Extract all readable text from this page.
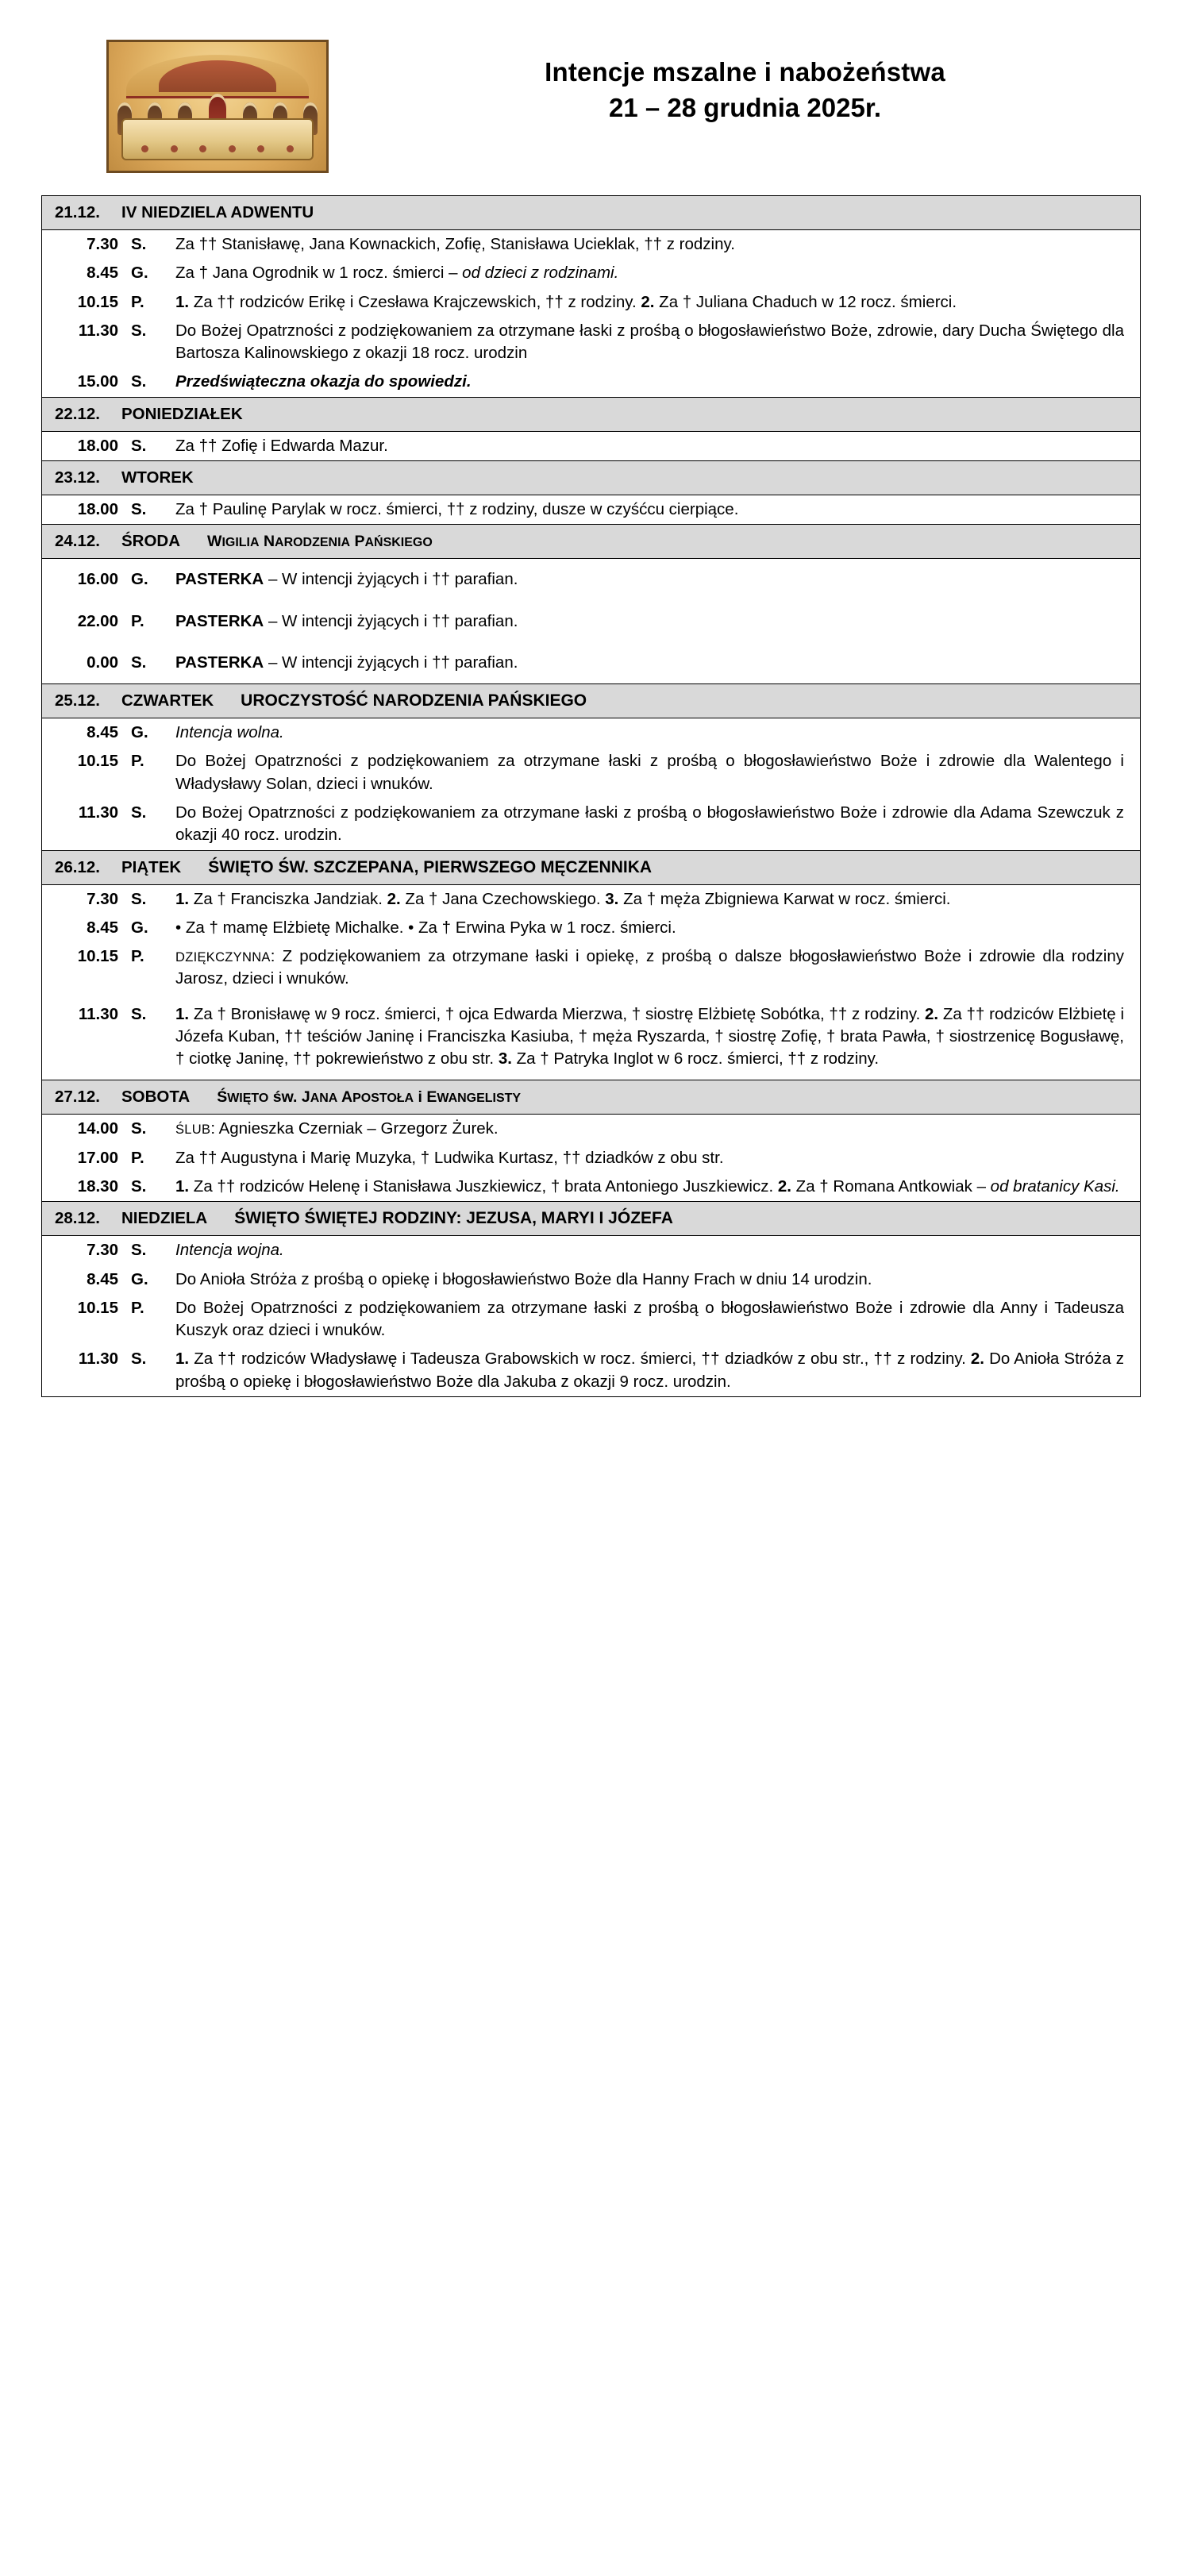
Intencje mszalne i nabożeństwa
21 – 28 grudnia 2025r.
21.12.	IV NIEDZIELA ADWENTU
7.30 S.	Za †† Stanisławę, Jana Kownackich, Zofię, Stanisława Ucieklak, †† z rodziny.
8.45 G.	Za † Jana Ogrodnik w 1 rocz. śmierci – od dzieci z rodzinami.
10.15 P.	1. Za †† rodziców Erikę i Czesława Krajczewskich, †† z rodziny. 2. Za † Juliana Chaduch w 12 rocz. śmierci.
11.30 S.	Do Bożej Opatrzności z podziękowaniem za otrzymane łaski z prośbą o błogosławieństwo Boże, zdrowie, dary Ducha Świętego dla Bartosza Kalinowskiego z okazji 18 rocz. urodzin
15.00 S.	Przedświąteczna okazja do spowiedzi.
22.12.	PONIEDZIAŁEK
18.00 S.	Za †† Zofię i Edwarda Mazur.
23.12.	WTOREK
18.00 S.	Za † Paulinę Parylak w rocz. śmierci, †† z rodziny, dusze w czyśćcu cierpiące.
24.12.	ŚRODA	WIGILIA NARODZENIA PAŃSKIEGO
16.00 G.	PASTERKA – W intencji żyjących i †† parafian.
22.00 P.	PASTERKA – W intencji żyjących i †† parafian.
0.00 S.	PASTERKA – W intencji żyjących i †† parafian.
25.12.	CZWARTEK	UROCZYSTOŚĆ NARODZENIA PAŃSKIEGO
8.45 G.	Intencja wolna.
10.15 P.	Do Bożej Opatrzności z podziękowaniem za otrzymane łaski z prośbą o błogosławieństwo Boże i zdrowie dla Walentego i Władysławy Solan, dzieci i wnuków.
11.30 S.	Do Bożej Opatrzności z podziękowaniem za otrzymane łaski z prośbą o błogosławieństwo Boże i zdrowie dla Adama Szewczuk z okazji 40 rocz. urodzin.
26.12.	PIĄTEK	ŚWIĘTO ŚW. SZCZEPANA, PIERWSZEGO MĘCZENNIKA
7.30 S.	1. Za † Franciszka Jandziak. 2. Za † Jana Czechowskiego. 3. Za † męża Zbigniewa Karwat w rocz. śmierci.
8.45 G.	• Za † mamę Elżbietę Michalke. • Za † Erwina Pyka w 1 rocz. śmierci.
10.15 P.	DZIĘKCZYNNA: Z podziękowaniem za otrzymane łaski i opiekę, z prośbą o dalsze błogosławieństwo Boże i zdrowie dla rodziny Jarosz, dzieci i wnuków.
11.30 S.	1. Za † Bronisławę w 9 rocz. śmierci, † ojca Edwarda Mierzwa, † siostrę Elżbietę Sobótka, †† z rodziny. 2. Za †† rodziców Elżbietę i Józefa Kuban, †† teściów Janinę i Franciszka Kasiuba, † męża Ryszarda, † siostrę Zofię, † brata Pawła, † siostrzenicę Bogusławę, † ciotkę Janinę, †† pokrewieństwo z obu str. 3. Za † Patryka Inglot w 6 rocz. śmierci, †† z rodziny.
27.12.	SOBOTA	ŚWIĘTO św. JANA APOSTOŁA i EWANGELISTY
14.00 S.	ŚLUB: Agnieszka Czerniak – Grzegorz Żurek.
17.00 P.	Za †† Augustyna i Marię Muzyka, † Ludwika Kurtasz, †† dziadków z obu str.
18.30 S.	1. Za †† rodziców Helenę i Stanisława Juszkiewicz, † brata Antoniego Juszkiewicz. 2. Za † Romana Antkowiak – od bratanicy Kasi.
28.12.	NIEDZIELA	ŚWIĘTO ŚWIĘTEJ RODZINY: JEZUSA, MARYI I JÓZEFA
7.30 S.	Intencja wojna.
8.45 G.	Do Anioła Stróża z prośbą o opiekę i błogosławieństwo Boże dla Hanny Frach w dniu 14 urodzin.
10.15 P.	Do Bożej Opatrzności z podziękowaniem za otrzymane łaski z prośbą o błogosławieństwo Boże i zdrowie dla Anny i Tadeusza Kuszyk oraz dzieci i wnuków.
11.30 S.	1. Za †† rodziców Władysławę i Tadeusza Grabowskich w rocz. śmierci, †† dziadków z obu str., †† z rodziny. 2. Do Anioła Stróża z prośbą o opiekę i błogosławieństwo Boże dla Jakuba z okazji 9 rocz. urodzin.
